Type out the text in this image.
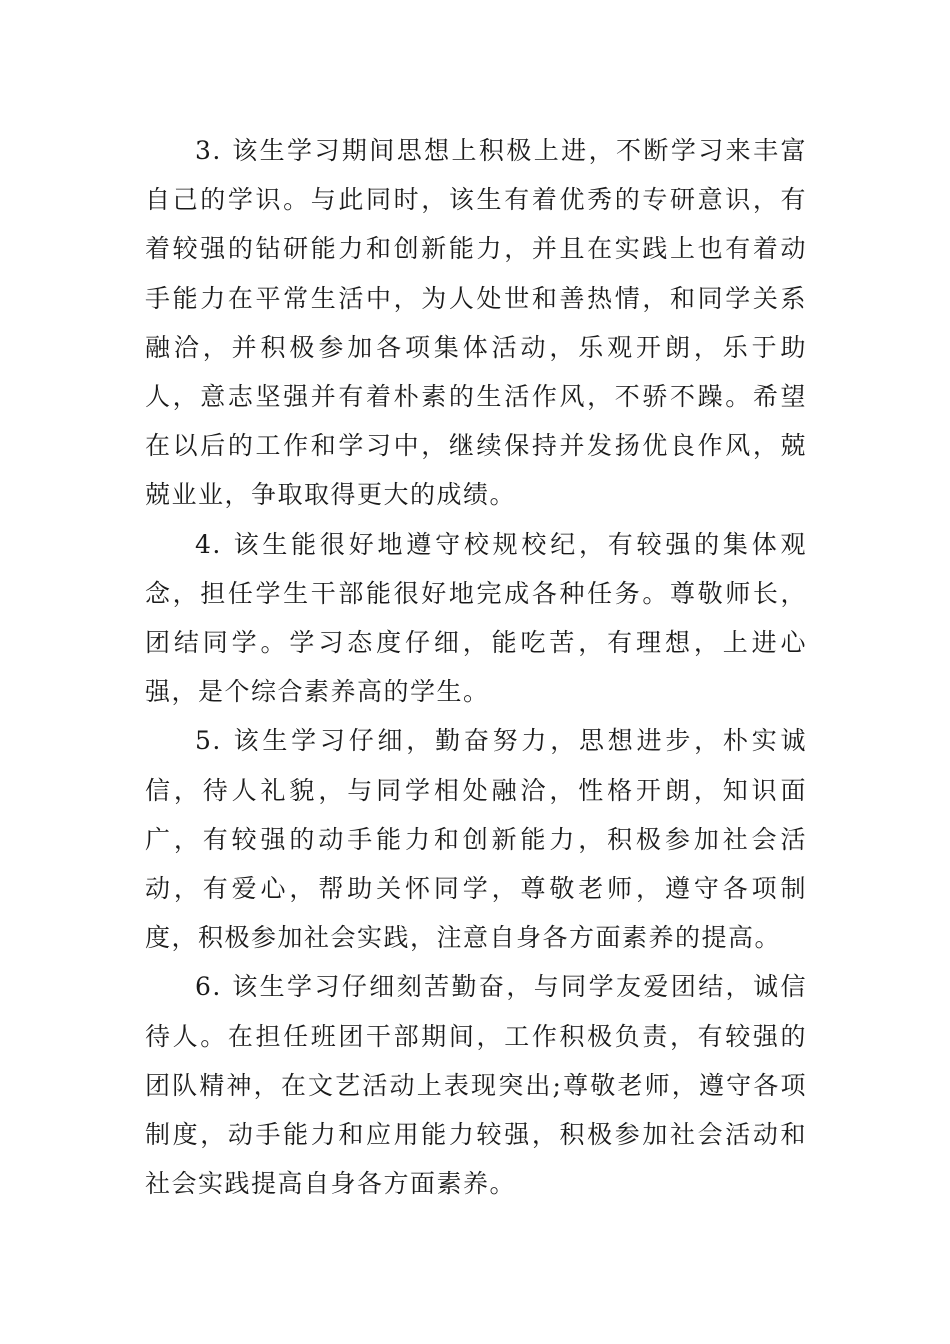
3. 该生学习期间思想上积极上进，不断学习来丰富自己的学识。与此同时，该生有着优秀的专研意识，有着较强的钻研能力和创新能力，并且在实践上也有着动手能力在平常生活中，为人处世和善热情，和同学关系融洽，并积极参加各项集体活动，乐观开朗，乐于助人，意志坚强并有着朴素的生活作风，不骄不躁。希望在以后的工作和学习中，继续保持并发扬优良作风，兢兢业业，争取取得更大的成绩。

4. 该生能很好地遵守校规校纪，有较强的集体观念，担任学生干部能很好地完成各种任务。尊敬师长，团结同学。学习态度仔细，能吃苦，有理想，上进心强，是个综合素养高的学生。

5. 该生学习仔细，勤奋努力，思想进步，朴实诚信，待人礼貌，与同学相处融洽，性格开朗，知识面广，有较强的动手能力和创新能力，积极参加社会活动，有爱心，帮助关怀同学，尊敬老师，遵守各项制度，积极参加社会实践，注意自身各方面素养的提高。

6. 该生学习仔细刻苦勤奋，与同学友爱团结，诚信待人。在担任班团干部期间，工作积极负责，有较强的团队精神，在文艺活动上表现突出;尊敬老师，遵守各项制度，动手能力和应用能力较强，积极参加社会活动和社会实践提高自身各方面素养。
